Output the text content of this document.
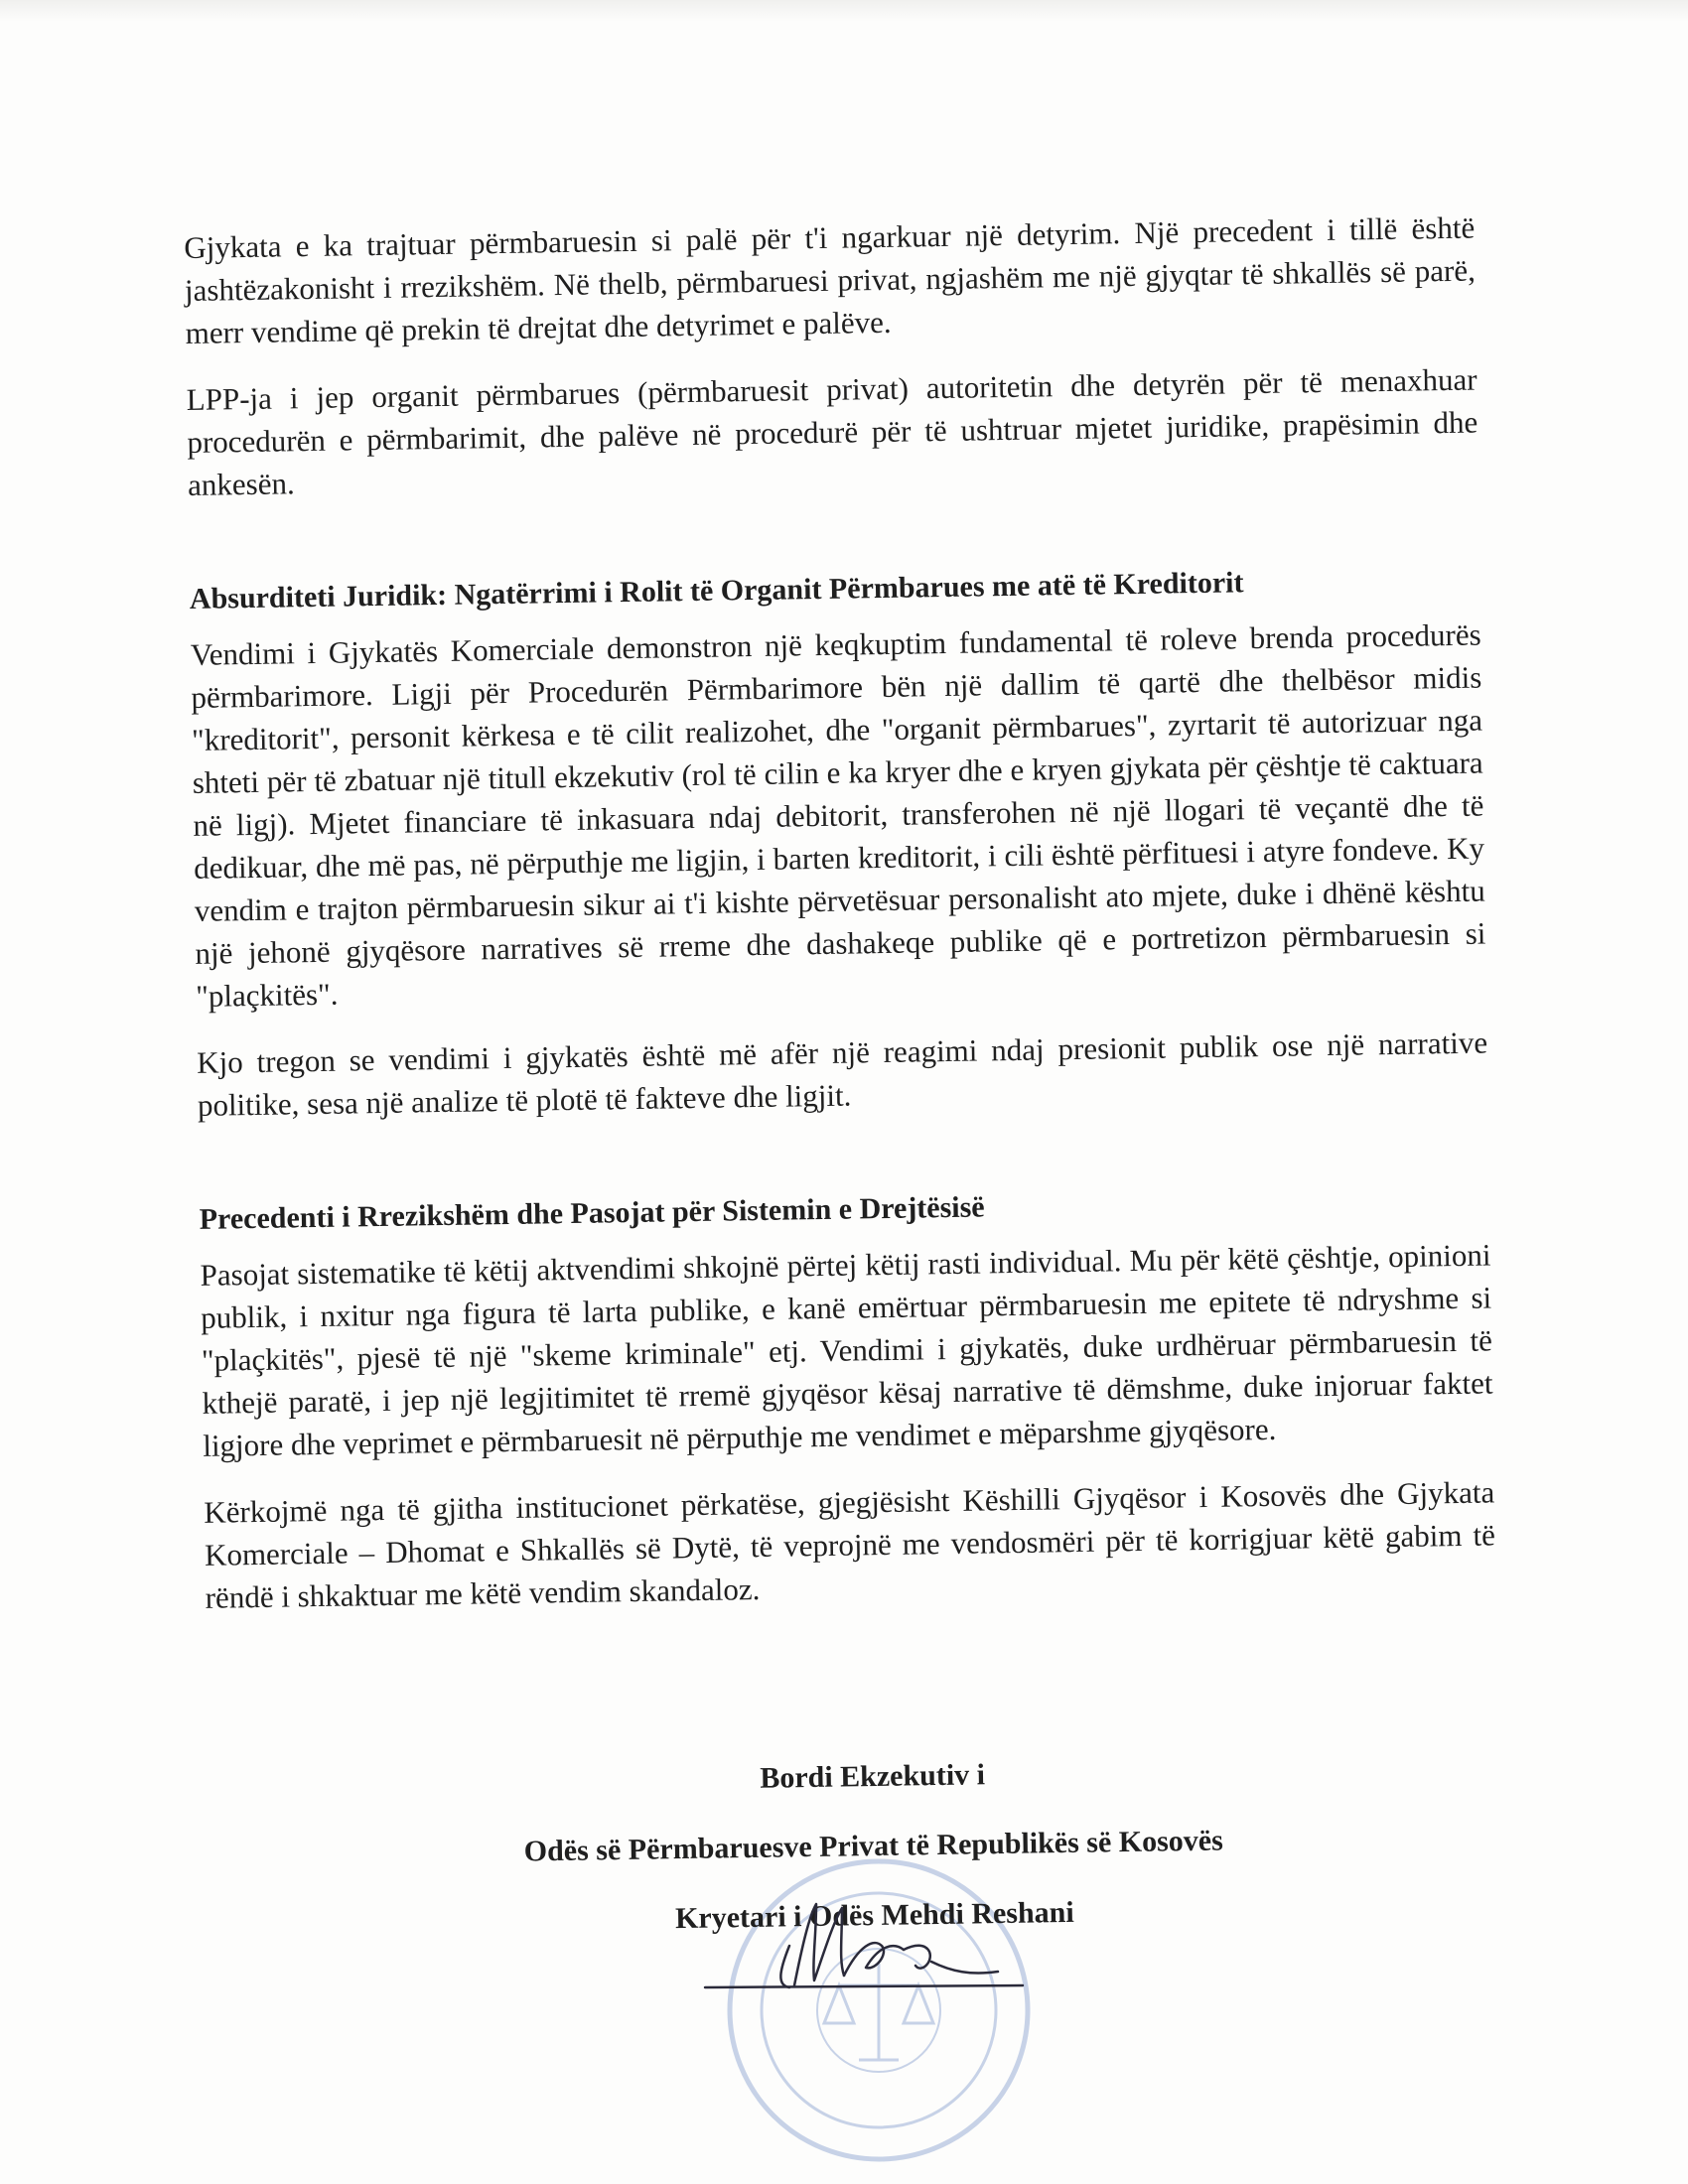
Gjykata e ka trajtuar përmbaruesin si palë për t'i ngarkuar një detyrim. Një precedent i tillë është jashtëzakonisht i rrezikshëm. Në thelb, përmbaruesi privat, ngjashëm me një gjyqtar të shkallës së parë, merr vendime që prekin të drejtat dhe detyrimet e palëve.

LPP-ja i jep organit përmbarues (përmbaruesit privat) autoritetin dhe detyrën për të menaxhuar procedurën e përmbarimit, dhe palëve në procedurë për të ushtruar mjetet juridike, prapësimin dhe ankesën.

Absurditeti Juridik: Ngatërrimi i Rolit të Organit Përmbarues me atë të Kreditorit

Vendimi i Gjykatës Komerciale demonstron një keqkuptim fundamental të roleve brenda procedurës përmbarimore. Ligji për Procedurën Përmbarimore bën një dallim të qartë dhe thelbësor midis "kreditorit", personit kërkesa e të cilit realizohet, dhe "organit përmbarues", zyrtarit të autorizuar nga shteti për të zbatuar një titull ekzekutiv (rol të cilin e ka kryer dhe e kryen gjykata për çështje të caktuara në ligj). Mjetet financiare të inkasuara ndaj debitorit, transferohen në një llogari të veçantë dhe të dedikuar, dhe më pas, në përputhje me ligjin, i barten kreditorit, i cili është përfituesi i atyre fondeve. Ky vendim e trajton përmbaruesin sikur ai t'i kishte përvetësuar personalisht ato mjete, duke i dhënë kështu një jehonë gjyqësore narratives së rreme dhe dashakeqe publike që e portretizon përmbaruesin si "plaçkitës".

Kjo tregon se vendimi i gjykatës është më afër një reagimi ndaj presionit publik ose një narrative politike, sesa një analize të plotë të fakteve dhe ligjit.

Precedenti i Rrezikshëm dhe Pasojat për Sistemin e Drejtësisë

Pasojat sistematike të këtij aktvendimi shkojnë përtej këtij rasti individual. Mu për këtë çështje, opinioni publik, i nxitur nga figura të larta publike, e kanë emërtuar përmbaruesin me epitete të ndryshme si "plaçkitës", pjesë të një "skeme kriminale" etj. Vendimi i gjykatës, duke urdhëruar përmbaruesin të kthejë paratë, i jep një legjitimitet të rremë gjyqësor kësaj narrative të dëmshme, duke injoruar faktet ligjore dhe veprimet e përmbaruesit në përputhje me vendimet e mëparshme gjyqësore.

Kërkojmë nga të gjitha institucionet përkatëse, gjegjësisht Këshilli Gjyqësor i Kosovës dhe Gjykata Komerciale – Dhomat e Shkallës së Dytë, të veprojnë me vendosmëri për të korrigjuar këtë gabim të rëndë i shkaktuar me këtë vendim skandaloz.

Bordi Ekzekutiv i

Odës së Përmbaruesve Privat të Republikës së Kosovës

Kryetari i Odës Mehdi Reshani
